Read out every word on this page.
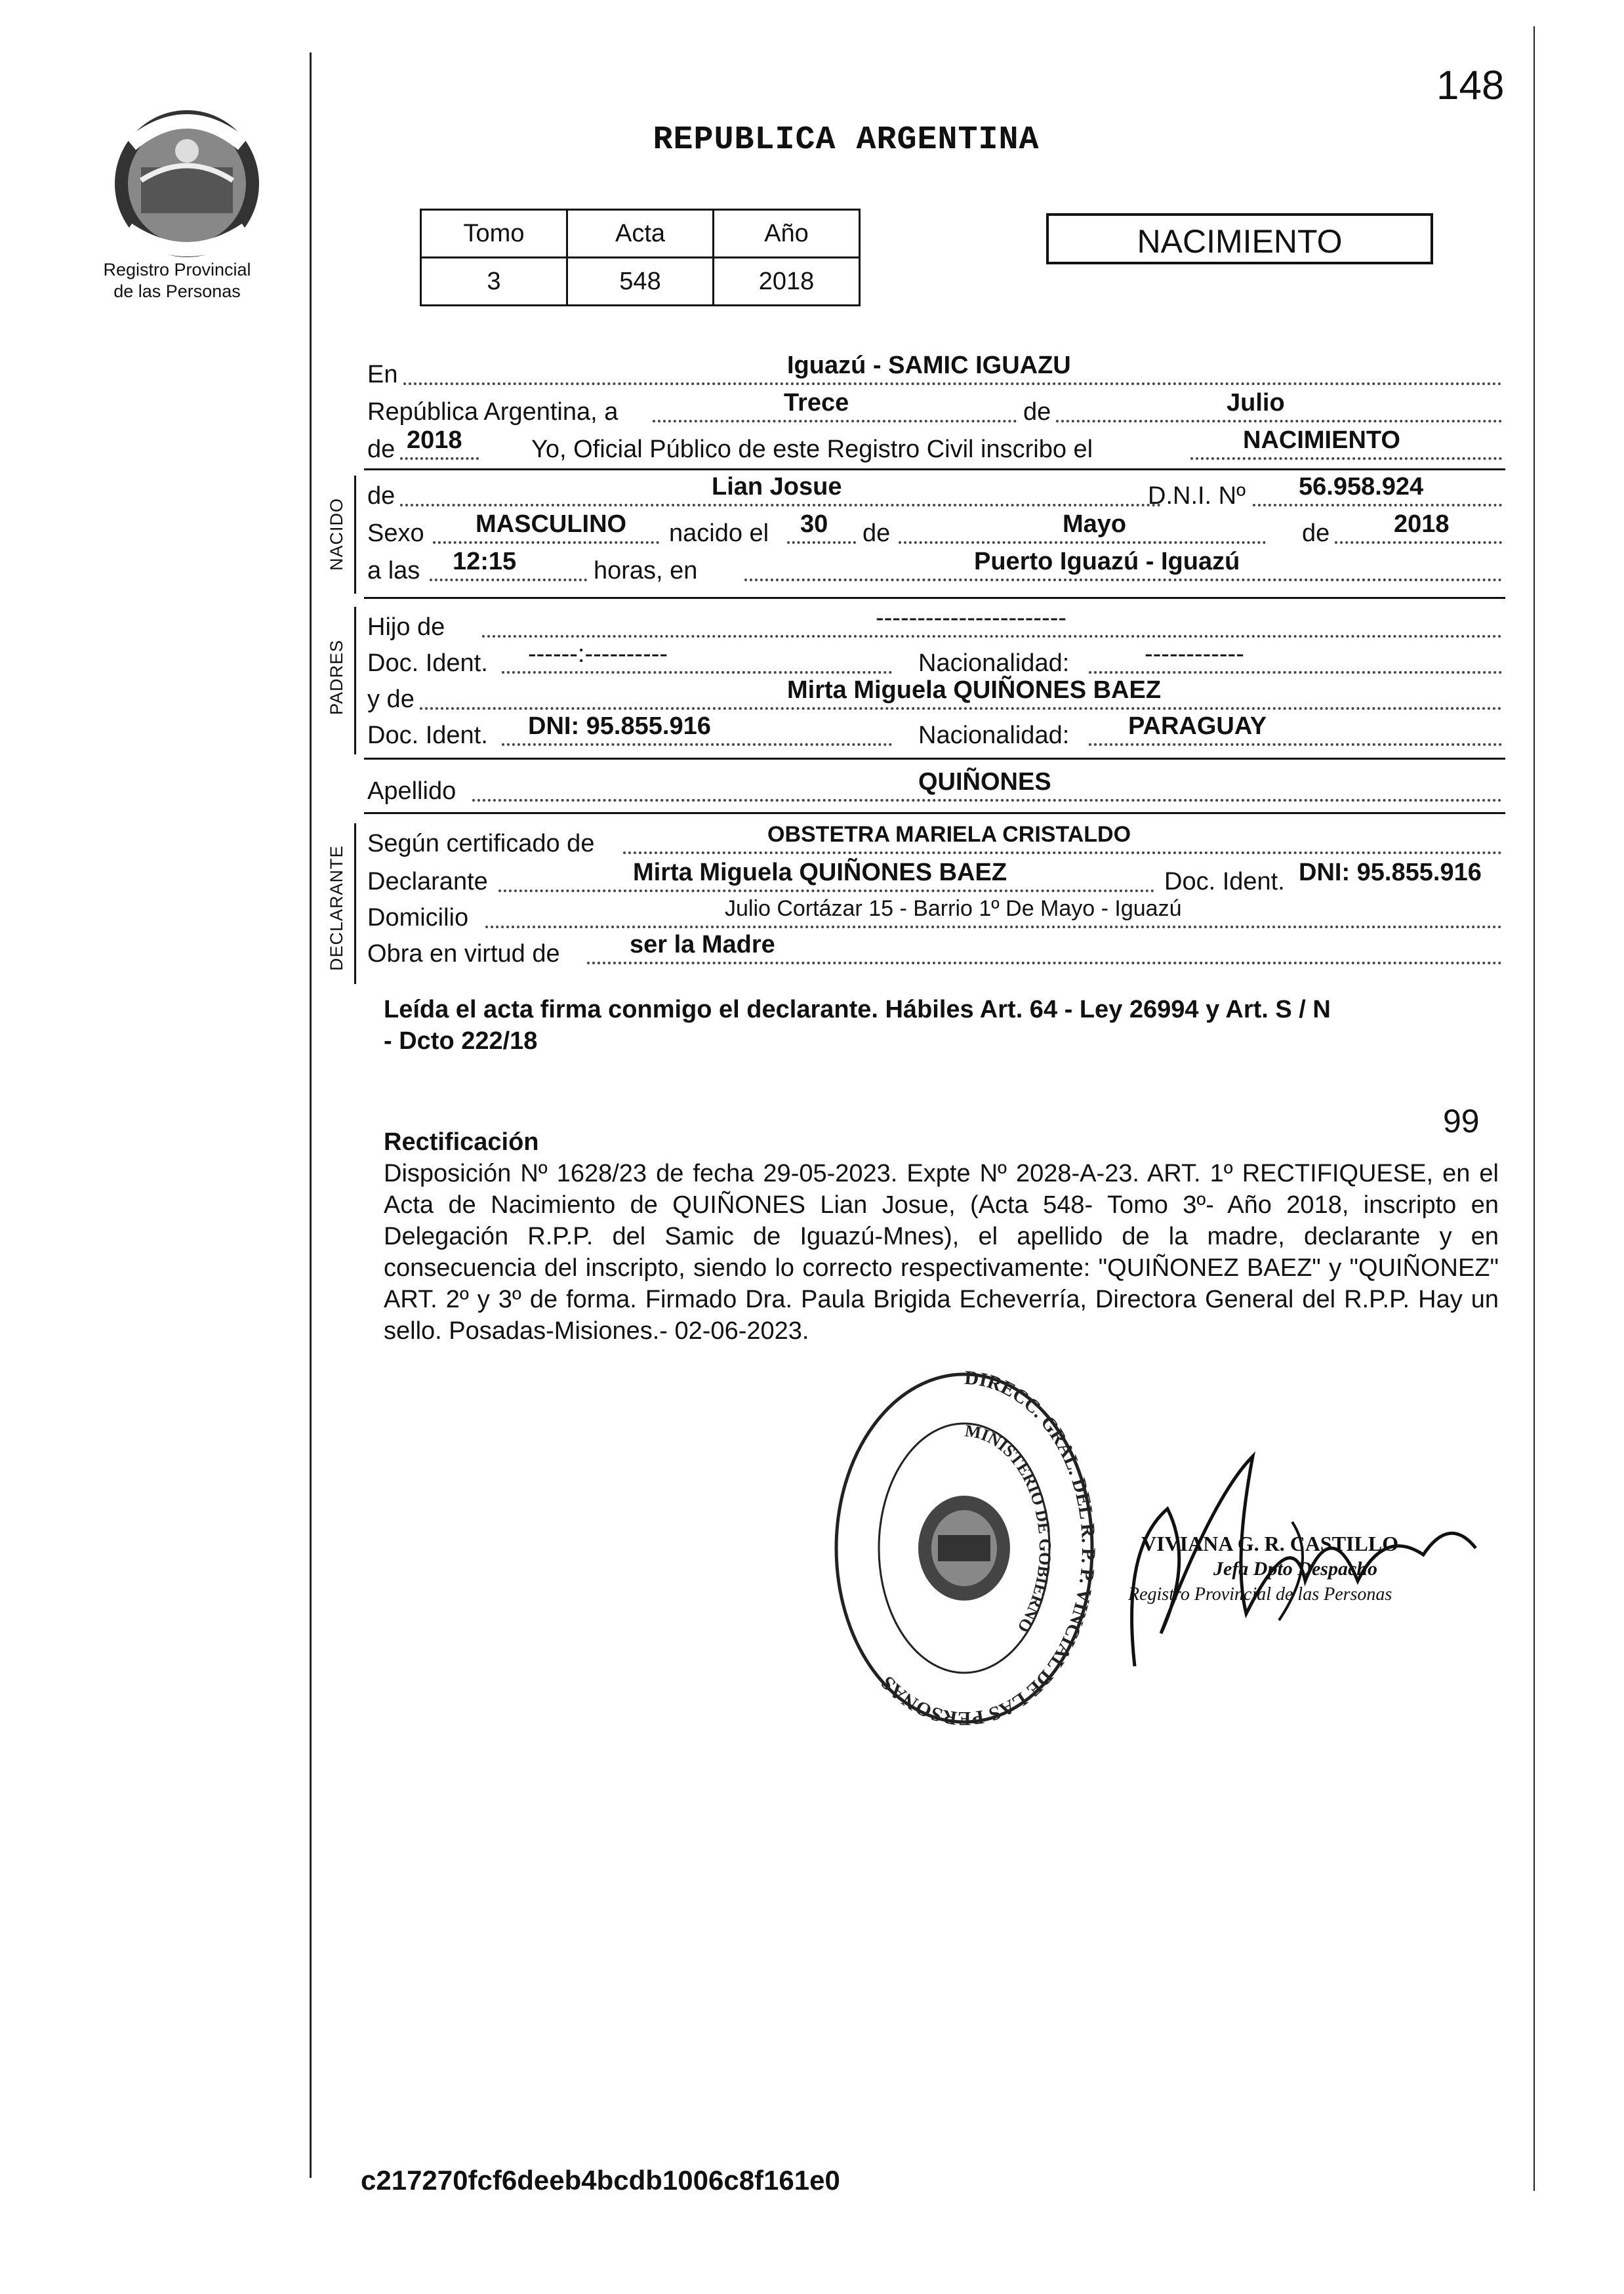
Registro Provincial
de las Personas
148
REPUBLICA ARGENTINA
Tomo	Acta	Año
3	548	2018
NACIMIENTO
En	Iguazú - SAMIC IGUAZU
República Argentina, a	Trece	de	Julio
de 2018	Yo, Oficial Público de este Registro Civil inscribo el	NACIMIENTO
NACIDO
de	Lian Josue	D.N.I. Nº 56.958.924
Sexo MASCULINO nacido el 30 de	Mayo	de	2018
a las 12:15	horas, en	Puerto Iguazú - Iguazú
PADRES
Hijo de	-----------------------
Doc. Ident. ------:----------	Nacionalidad:	------------
y de	Mirta Miguela QUIÑONES BAEZ
Doc. Ident. DNI: 95.855.916	Nacionalidad: PARAGUAY
Apellido	QUIÑONES
DECLARANTE
Según certificado de	OBSTETRA MARIELA CRISTALDO
Declarante	Mirta Miguela QUIÑONES BAEZ	Doc. Ident. DNI: 95.855.916
Domicilio	Julio Cortázar 15 - Barrio 1º De Mayo - Iguazú
Obra en virtud de	ser la Madre
Leída el acta firma conmigo el declarante. Hábiles Art. 64 - Ley 26994 y Art. S / N
- Dcto 222/18
99
Rectificación
Disposición Nº 1628/23 de fecha 29-05-2023. Expte Nº 2028-A-23. ART. 1º RECTIFIQUESE, en el Acta de Nacimiento de QUIÑONES Lian Josue, (Acta 548- Tomo 3º- Año 2018, inscripto en Delegación R.P.P. del Samic de Iguazú-Mnes), el apellido de la madre, declarante y en consecuencia del inscripto, siendo lo correcto respectivamente: "QUIÑONEZ BAEZ" y "QUIÑONEZ" ART. 2º y 3º de forma. Firmado Dra. Paula Brigida Echeverría, Directora General del R.P.P. Hay un sello. Posadas-Misiones.- 02-06-2023.
DIRECC. GRAL. DEL R. P. P. VINCIAL DE LAS PERSONAS
MINISTERIO DE GOBIERNO
VIVIANA G. R. CASTILLO
Jefa Dpto Despacho
Registro Provincial de las Personas
c217270fcf6deeb4bcdb1006c8f161e0
